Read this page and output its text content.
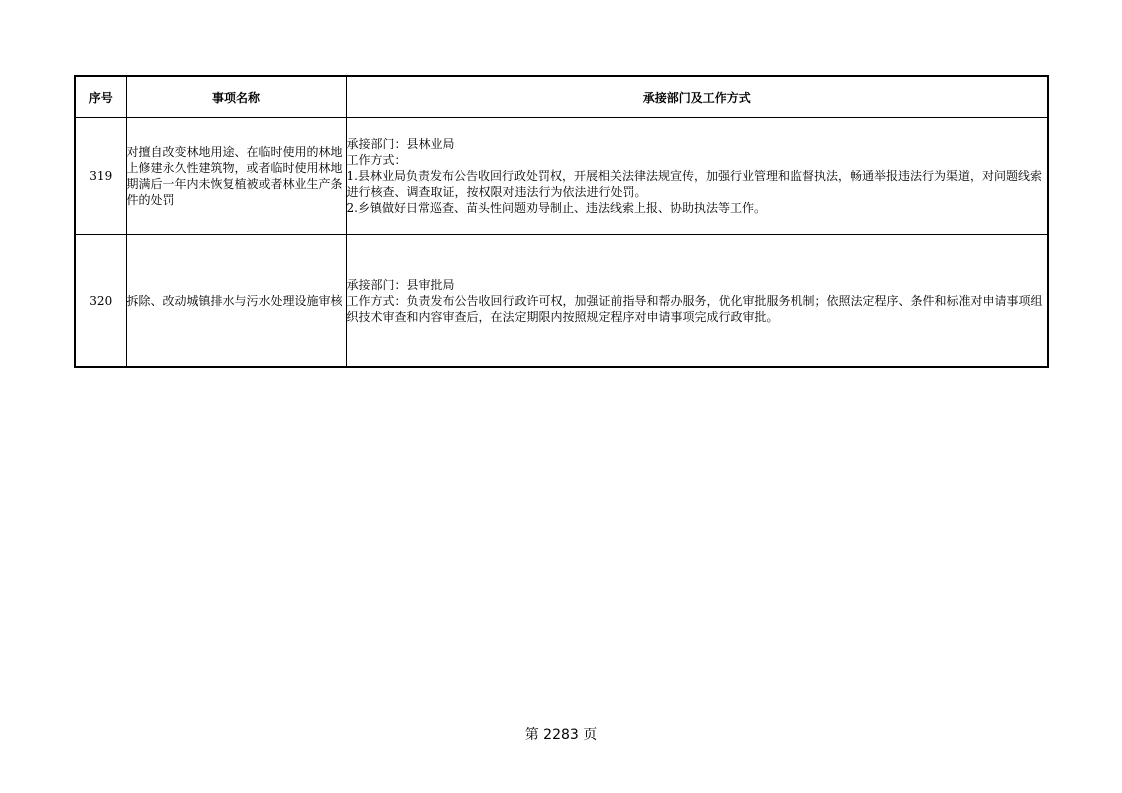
序号	事项名称	承接部门及工作方式
319	对擅自改变林地用途、在临时使用的林地上修建永久性建筑物，或者临时使用林地期满后一年内未恢复植被或者林业生产条件的处罚	承接部门：县林业局
工作方式：
1.县林业局负责发布公告收回行政处罚权，开展相关法律法规宣传，加强行业管理和监督执法，畅通举报违法行为渠道，对问题线索进行核查、调查取证，按权限对违法行为依法进行处罚。
2.乡镇做好日常巡查、苗头性问题劝导制止、违法线索上报、协助执法等工作。

320	拆除、改动城镇排水与污水处理设施审核	承接部门：县审批局
工作方式：负责发布公告收回行政许可权，加强证前指导和帮办服务，优化审批服务机制；依照法定程序、条件和标准对申请事项组织技术审查和内容审查后，在法定期限内按照规定程序对申请事项完成行政审批。
第 2283 页
